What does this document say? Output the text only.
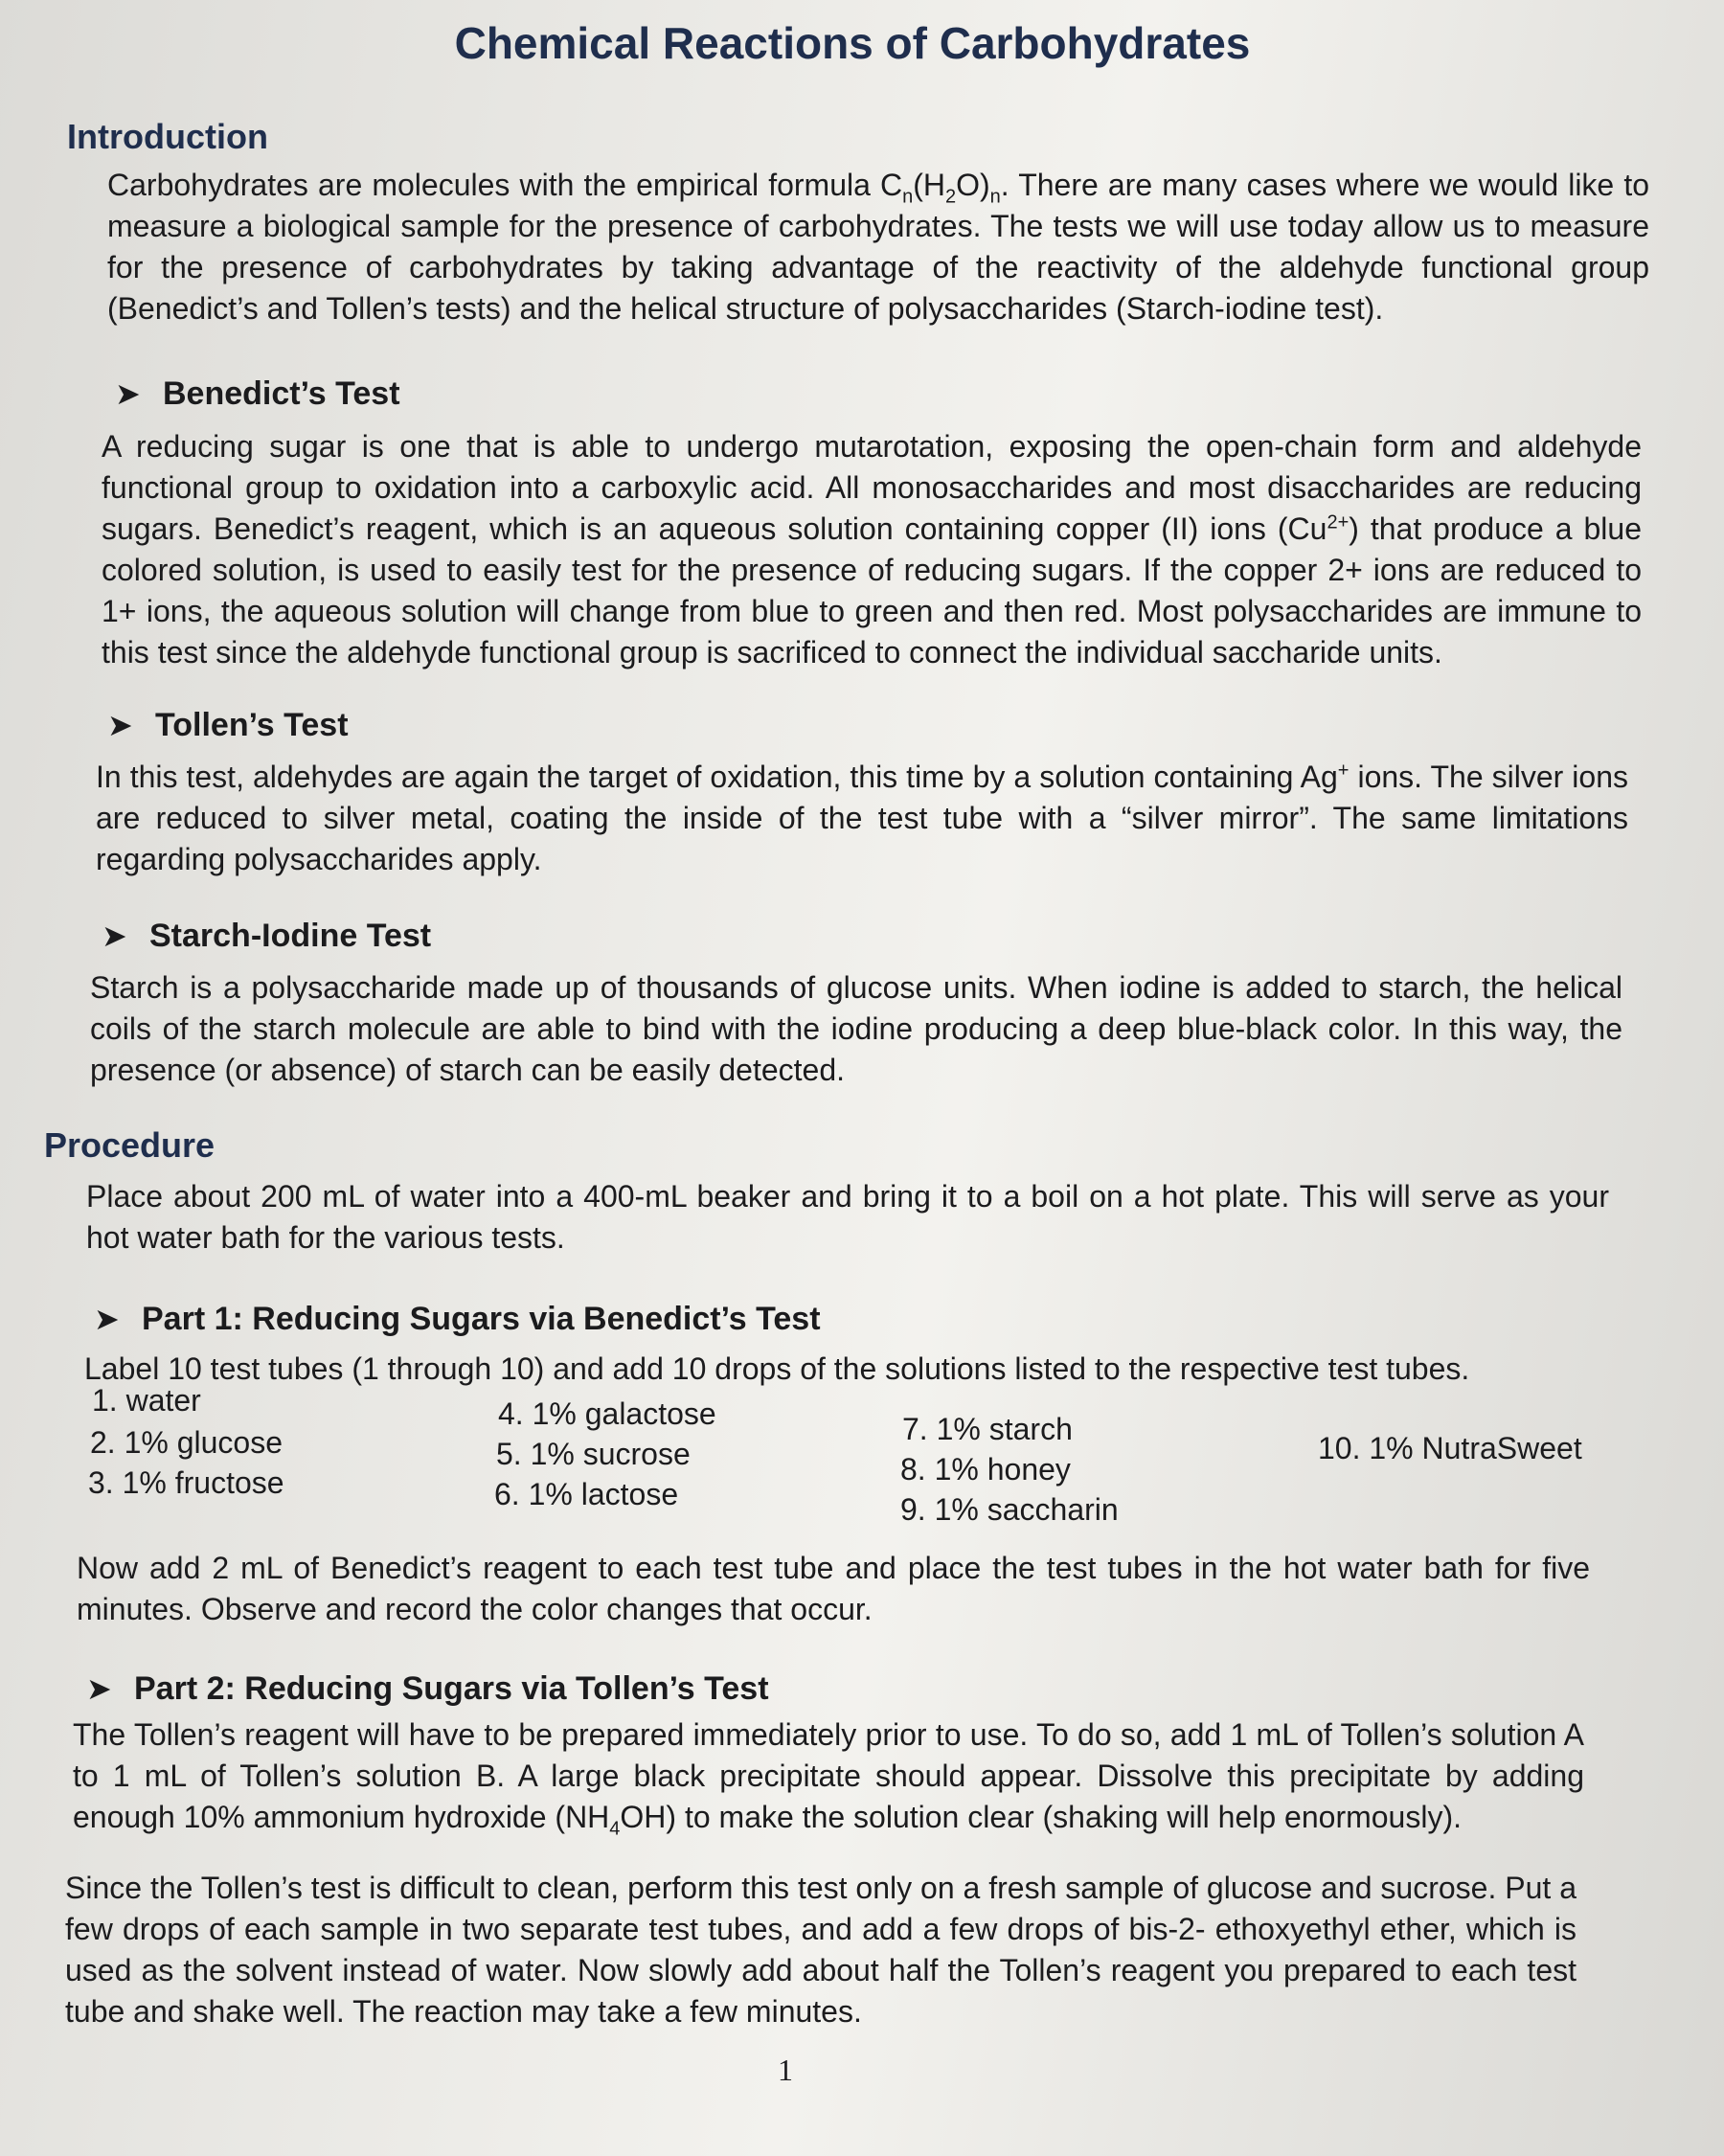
Chemical Reactions of Carbohydrates
Introduction

Carbohydrates are molecules with the empirical formula $C_n(H_2O)_n$. There are many cases where we would like to measure a biological sample for the presence of carbohydrates. The tests we will use today allow us to measure for the presence of carbohydrates by taking advantage of the reactivity of the aldehyde functional group (Benedict’s and Tollen’s tests) and the helical structure of polysaccharides (Starch-iodine test).

➤ Benedict’s Test

A reducing sugar is one that is able to undergo mutarotation, exposing the open-chain form and aldehyde functional group to oxidation into a carboxylic acid. All monosaccharides and most disaccharides are reducing sugars. Benedict’s reagent, which is an aqueous solution containing copper (II) ions $(Cu^{2+})$ that produce a blue colored solution, is used to easily test for the presence of reducing sugars. If the copper 2+ ions are reduced to 1+ ions, the aqueous solution will change from blue to green and then red. Most polysaccharides are immune to this test since the aldehyde functional group is sacrificed to connect the individual saccharide units.

➤ Tollen’s Test

In this test, aldehydes are again the target of oxidation, this time by a solution containing Ag+ ions. The silver ions are reduced to silver metal, coating the inside of the test tube with a “silver mirror”. The same limitations regarding polysaccharides apply.

➤ Starch-Iodine Test

Starch is a polysaccharide made up of thousands of glucose units. When iodine is added to starch, the helical coils of the starch molecule are able to bind with the iodine producing a deep blue-black color. In this way, the presence (or absence) of starch can be easily detected.

Procedure

Place about 200 mL of water into a 400-mL beaker and bring it to a boil on a hot plate. This will serve as your hot water bath for the various tests.

➤ Part 1: Reducing Sugars via Benedict’s Test

Label 10 test tubes (1 through 10) and add 10 drops of the solutions listed to the respective test tubes.

1. water

2. 1% glucose

3. 1% fructose

4. 1% galactose

5. 1% sucrose

6. 1% lactose

7. 1% starch

8. 1% honey

9. 1% saccharin

10. 1% NutraSweet

Now add 2 mL of Benedict’s reagent to each test tube and place the test tubes in the hot water bath for five minutes. Observe and record the color changes that occur.

➤ Part 2: Reducing Sugars via Tollen’s Test

The Tollen’s reagent will have to be prepared immediately prior to use. To do so, add 1 mL of Tollen’s solution A to 1 mL of Tollen’s solution B. A large black precipitate should appear. Dissolve this precipitate by adding enough 10% ammonium hydroxide $(NH_4OH)$ to make the solution clear (shaking will help enormously).

Since the Tollen’s test is difficult to clean, perform this test only on a fresh sample of glucose and sucrose. Put a few drops of each sample in two separate test tubes, and add a few drops of bis-2- ethoxyethyl ether, which is used as the solvent instead of water. Now slowly add about half the Tollen’s reagent you prepared to each test tube and shake well. The reaction may take a few minutes.

1
